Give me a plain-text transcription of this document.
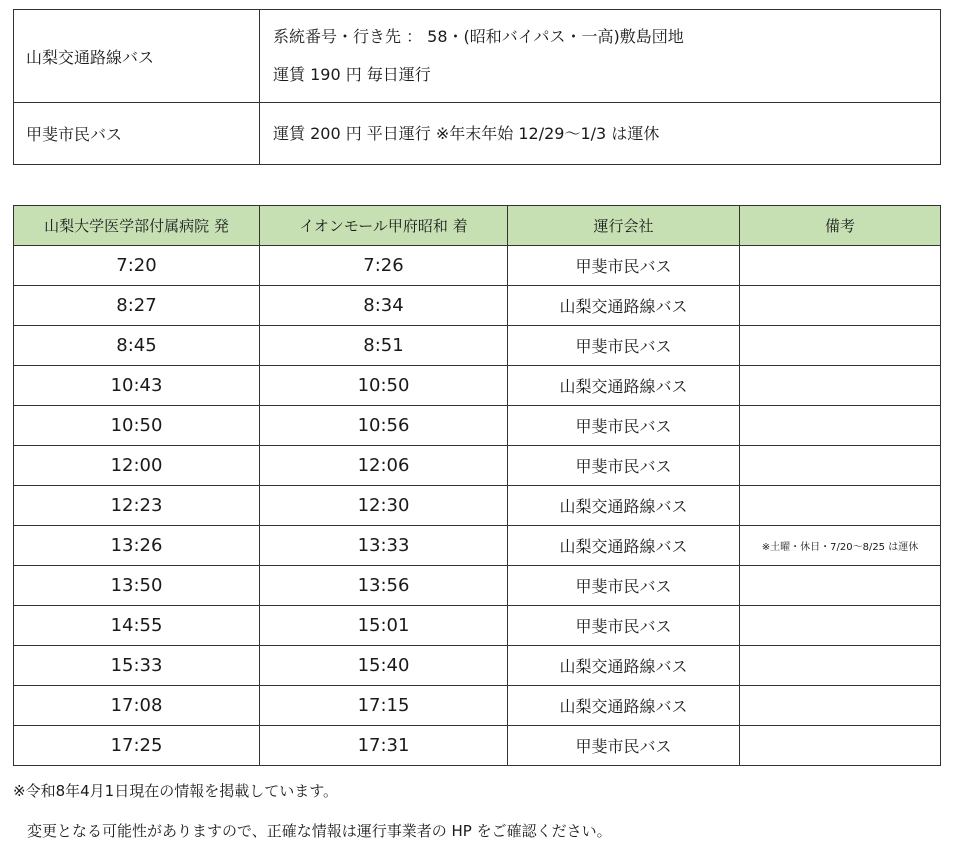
山梨交通路線バス	系統番号・行き先 ： 58・(昭和バイパス・一高)敷島団地
運賃 190 円 毎日運行

甲斐市民バス	運賃 200 円 平日運行 ※年末年始 12/29～1/3 は運休
山梨大学医学部付属病院 発	イオンモール甲府昭和 着	運行会社	備考
7:20	7:26	甲斐市民バス	
8:27	8:34	山梨交通路線バス	
8:45	8:51	甲斐市民バス	
10:43	10:50	山梨交通路線バス	
10:50	10:56	甲斐市民バス	
12:00	12:06	甲斐市民バス	
12:23	12:30	山梨交通路線バス	
13:26	13:33	山梨交通路線バス	※土曜・休日・7/20～8/25 は運休
13:50	13:56	甲斐市民バス	
14:55	15:01	甲斐市民バス	
15:33	15:40	山梨交通路線バス	
17:08	17:15	山梨交通路線バス	
17:25	17:31	甲斐市民バス	
※令和8年4月1日現在の情報を掲載しています。
変更となる可能性がありますので、正確な情報は運行事業者の HP をご確認ください。
